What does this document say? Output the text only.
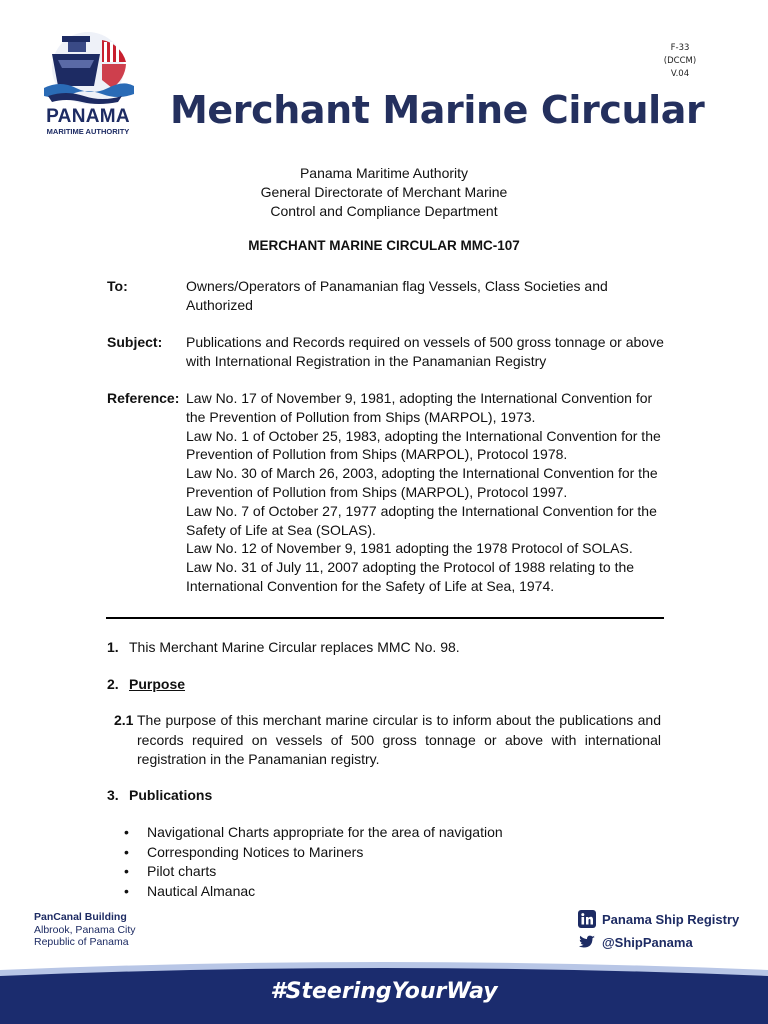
PANAMA
MARITIME AUTHORITY
F-33
(DCCM)
V.04
Merchant Marine Circular
Panama Maritime Authority
General Directorate of Merchant Marine
Control and Compliance Department
MERCHANT MARINE CIRCULAR MMC-107
To:	Owners/Operators of Panamanian flag Vessels, Class Societies and Authorized
Subject: Publications and Records required on vessels of 500 gross tonnage or above with International Registration in the Panamanian Registry
Reference: Law No. 17 of November 9, 1981, adopting the International Convention for the Prevention of Pollution from Ships (MARPOL), 1973.
Law No. 1 of October 25, 1983, adopting the International Convention for the Prevention of Pollution from Ships (MARPOL), Protocol 1978.
Law No. 30 of March 26, 2003, adopting the International Convention for the Prevention of Pollution from Ships (MARPOL), Protocol 1997.
Law No. 7 of October 27, 1977 adopting the International Convention for the Safety of Life at Sea (SOLAS).
Law No. 12 of November 9, 1981 adopting the 1978 Protocol of SOLAS.
Law No. 31 of July 11, 2007 adopting the Protocol of 1988 relating to the International Convention for the Safety of Life at Sea, 1974.
1. This Merchant Marine Circular replaces MMC No. 98.
2. Purpose
2.1 The purpose of this merchant marine circular is to inform about the publications and records required on vessels of 500 gross tonnage or above with international registration in the Panamanian registry.
3. Publications
• Navigational Charts appropriate for the area of navigation
• Corresponding Notices to Mariners
• Pilot charts
• Nautical Almanac
PanCanal Building
Albrook, Panama City
Republic of Panama
Panama Ship Registry
@ShipPanama
#SteeringYourWay
